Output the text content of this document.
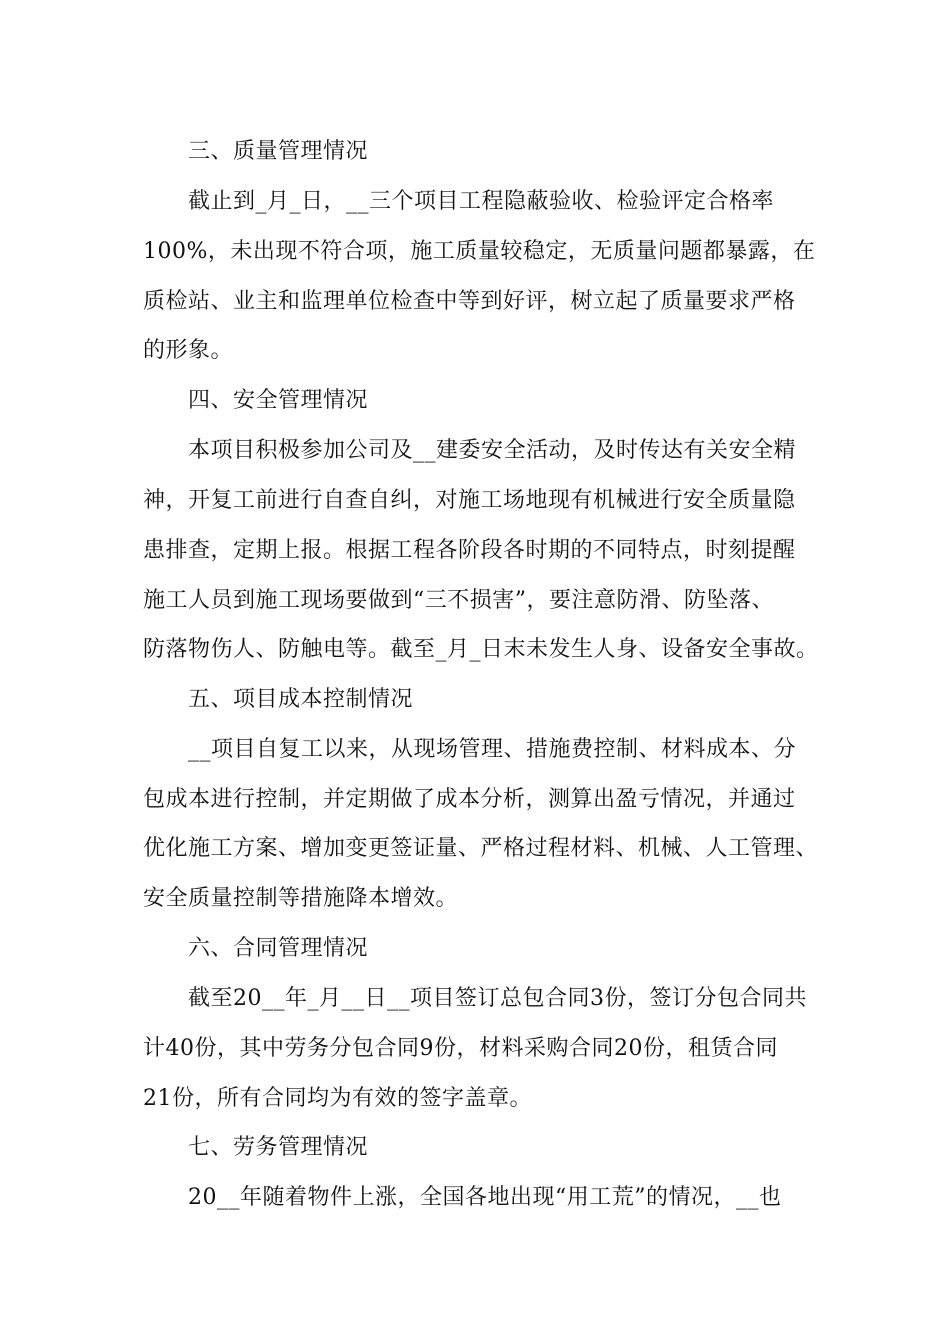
三、质量管理情况
截止到_月_日，__三个项目工程隐蔽验收、检验评定合格率
100%，未出现不符合项，施工质量较稳定，无质量问题都暴露，在
质检站、业主和监理单位检查中等到好评，树立起了质量要求严格
的形象。
四、安全管理情况
本项目积极参加公司及__建委安全活动，及时传达有关安全精
神，开复工前进行自查自纠，对施工场地现有机械进行安全质量隐
患排查，定期上报。根据工程各阶段各时期的不同特点，时刻提醒
施工人员到施工现场要做到“三不损害”，要注意防滑、防坠落、
防落物伤人、防触电等。截至_月_日末未发生人身、设备安全事故。
五、项目成本控制情况
__项目自复工以来，从现场管理、措施费控制、材料成本、分
包成本进行控制，并定期做了成本分析，测算出盈亏情况，并通过
优化施工方案、增加变更签证量、严格过程材料、机械、人工管理、
安全质量控制等措施降本增效。
六、合同管理情况
截至20__年_月__日__项目签订总包合同3份，签订分包合同共
计40份，其中劳务分包合同9份，材料采购合同20份，租赁合同
21份，所有合同均为有效的签字盖章。
七、劳务管理情况
20__年随着物件上涨，全国各地出现“用工荒”的情况，__也
